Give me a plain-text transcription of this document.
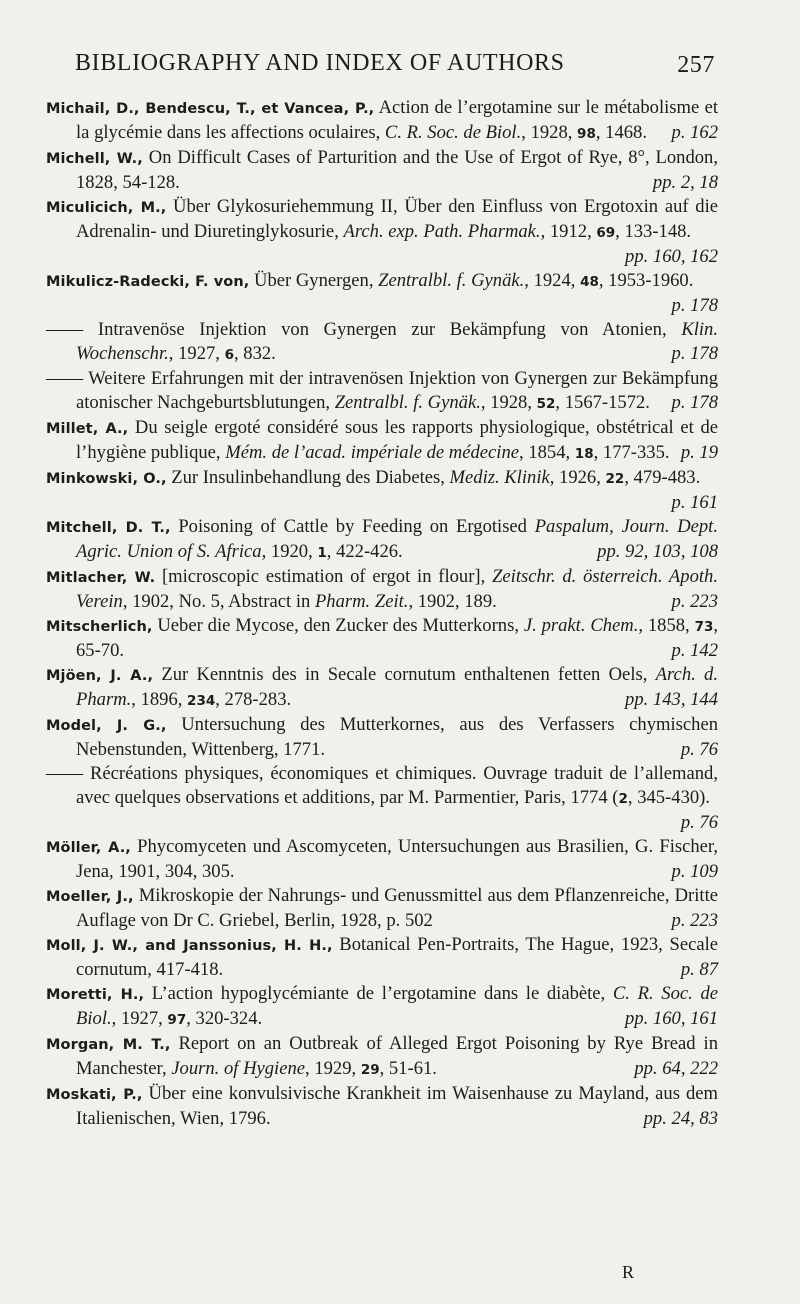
BIBLIOGRAPHY AND INDEX OF AUTHORS	257
Michail, D., Bendescu, T., et Vancea, P., Action de l’ergotamine sur le métabolisme et la glycémie dans les affections oculaires, C. R. Soc. de Biol., 1928, 98, 1468. p. 162
Michell, W., On Difficult Cases of Parturition and the Use of Ergot of Rye, 8°, London, 1828, 54-128.	pp. 2, 18
Miculicich, M., Über Glykosuriehemmung II, Über den Einfluss von Ergotoxin auf die Adrenalin- und Diuretinglykosurie, Arch. exp. Path. Pharmak., 1912, 69, 133-148.
pp. 160, 162
Mikulicz-Radecki, F. von, Über Gynergen, Zentralbl. f. Gynäk., 1924, 48, 1953-1960.
p. 178
—— Intravenöse Injektion von Gynergen zur Bekämpfung von Atonien, Klin. Wochenschr., 1927, 6, 832.	p. 178
—— Weitere Erfahrungen mit der intravenösen Injektion von Gynergen zur Bekämpfung atonischer Nachgeburtsblutungen, Zentralbl. f. Gynäk., 1928, 52, 1567-1572. p. 178
Millet, A., Du seigle ergoté considéré sous les rapports physiologique, obstétrical et de l’hygiène publique, Mém. de l’acad. impériale de médecine, 1854, 18, 177-335. p. 19
Minkowski, O., Zur Insulinbehandlung des Diabetes, Mediz. Klinik, 1926, 22, 479-483.
p. 161
Mitchell, D. T., Poisoning of Cattle by Feeding on Ergotised Paspalum, Journ. Dept. Agric. Union of S. Africa, 1920, 1, 422-426.	pp. 92, 103, 108
Mitlacher, W. [microscopic estimation of ergot in flour], Zeitschr. d. österreich. Apoth. Verein, 1902, No. 5, Abstract in Pharm. Zeit., 1902, 189.	p. 223
Mitscherlich, Ueber die Mycose, den Zucker des Mutterkorns, J. prakt. Chem., 1858, 73, 65-70.	p. 142
Mjöen, J. A., Zur Kenntnis des in Secale cornutum enthaltenen fetten Oels, Arch. d. Pharm., 1896, 234, 278-283.	pp. 143, 144
Model, J. G., Untersuchung des Mutterkornes, aus des Verfassers chymischen Nebenstunden, Wittenberg, 1771.	p. 76
—— Récréations physiques, économiques et chimiques. Ouvrage traduit de l’allemand, avec quelques observations et additions, par M. Parmentier, Paris, 1774 (2, 345-430).
p. 76
Möller, A., Phycomyceten und Ascomyceten, Untersuchungen aus Brasilien, G. Fischer, Jena, 1901, 304, 305.	p. 109
Moeller, J., Mikroskopie der Nahrungs- und Genussmittel aus dem Pflanzenreiche, Dritte Auflage von Dr C. Griebel, Berlin, 1928, p. 502	p. 223
Moll, J. W., and Janssonius, H. H., Botanical Pen-Portraits, The Hague, 1923, Secale cornutum, 417-418.	p. 87
Moretti, H., L’action hypoglycémiante de l’ergotamine dans le diabète, C. R. Soc. de Biol., 1927, 97, 320-324.	pp. 160, 161
Morgan, M. T., Report on an Outbreak of Alleged Ergot Poisoning by Rye Bread in Manchester, Journ. of Hygiene, 1929, 29, 51-61.	pp. 64, 222
Moskati, P., Über eine konvulsivische Krankheit im Waisenhause zu Mayland, aus dem Italienischen, Wien, 1796.	pp. 24, 83
R
